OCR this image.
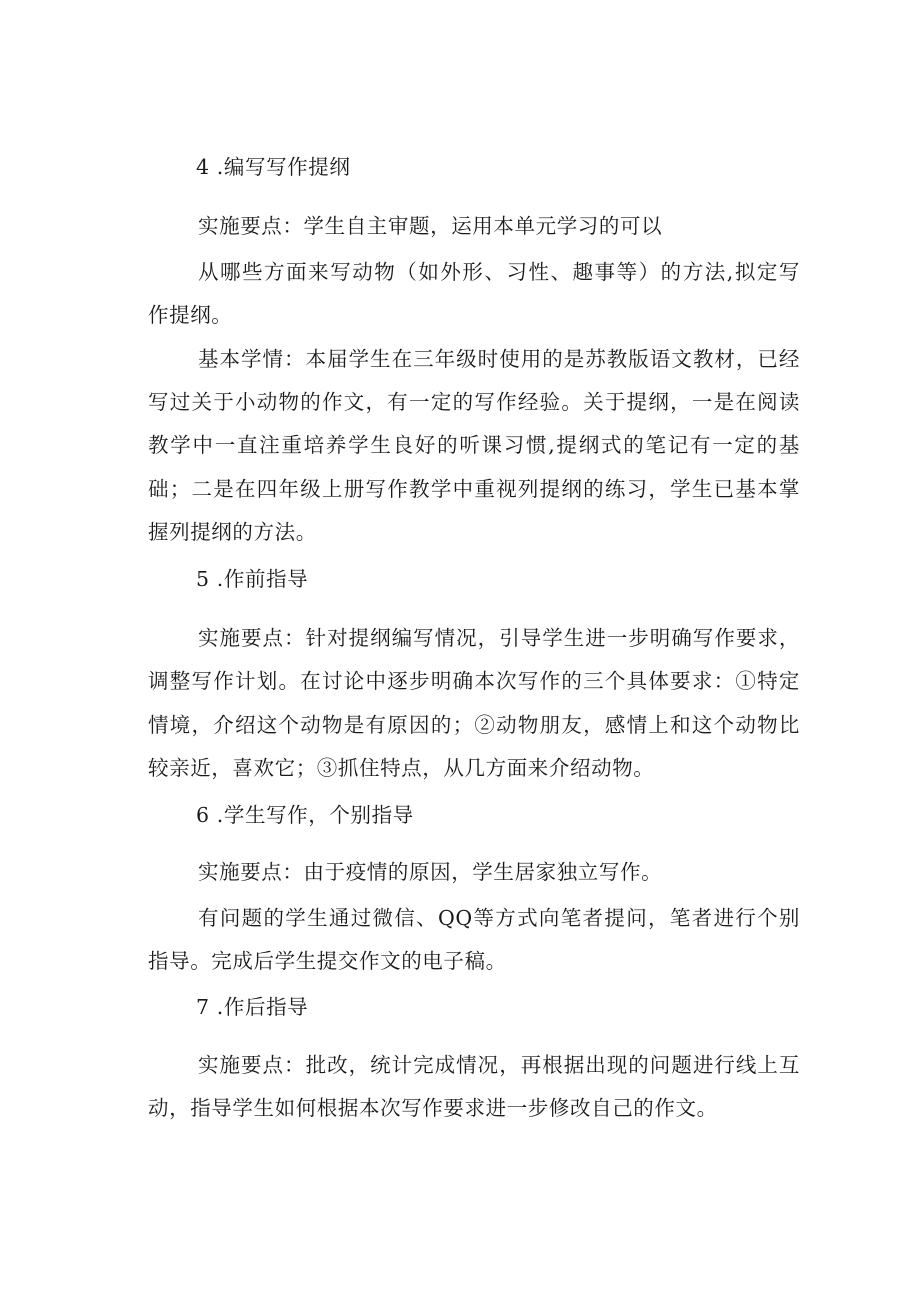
4 .编写写作提纲
实施要点：学生自主审题，运用本单元学习的可以
从哪些方面来写动物（如外形、习性、趣事等）的方法,拟定写
作提纲。
基本学情：本届学生在三年级时使用的是苏教版语文教材，已经
写过关于小动物的作文，有一定的写作经验。关于提纲，一是在阅读
教学中一直注重培养学生良好的听课习惯,提纲式的笔记有一定的基
础；二是在四年级上册写作教学中重视列提纲的练习，学生已基本掌
握列提纲的方法。
5 .作前指导
实施要点：针对提纲编写情况，引导学生进一步明确写作要求，
调整写作计划。在讨论中逐步明确本次写作的三个具体要求：①特定
情境，介绍这个动物是有原因的；②动物朋友，感情上和这个动物比
较亲近，喜欢它；③抓住特点，从几方面来介绍动物。
6 .学生写作，个别指导
实施要点：由于疫情的原因，学生居家独立写作。
有问题的学生通过微信、QQ等方式向笔者提问，笔者进行个别
指导。完成后学生提交作文的电子稿。
7 .作后指导
实施要点：批改，统计完成情况，再根据出现的问题进行线上互
动，指导学生如何根据本次写作要求进一步修改自己的作文。
